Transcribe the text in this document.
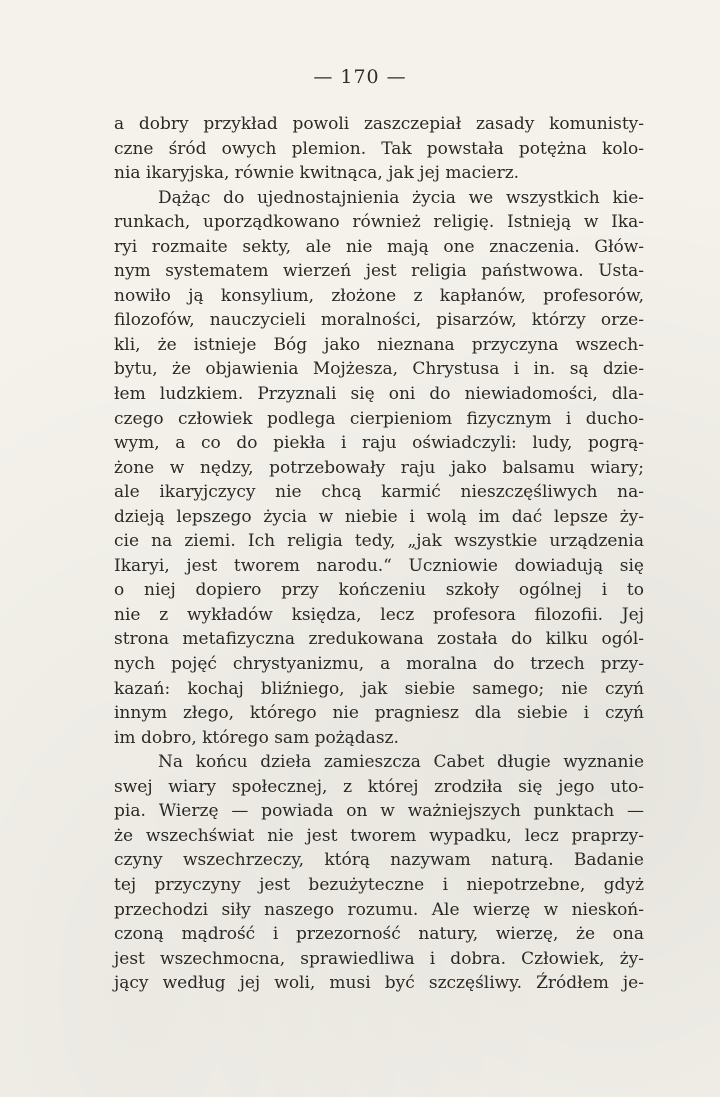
— 170 —
a dobry przykład powoli zaszczepiał zasady komunisty-
czne śród owych plemion. Tak powstała potężna kolo-
nia ikaryjska, równie kwitnąca, jak jej macierz.
Dążąc do ujednostajnienia życia we wszystkich kie-
runkach, uporządkowano również religię. Istnieją w Ika-
ryi rozmaite sekty, ale nie mają one znaczenia. Głów-
nym systematem wierzeń jest religia państwowa. Usta-
nowiło ją konsylium, złożone z kapłanów, profesorów,
filozofów, nauczycieli moralności, pisarzów, którzy orze-
kli, że istnieje Bóg jako nieznana przyczyna wszech-
bytu, że objawienia Mojżesza, Chrystusa i in. są dzie-
łem ludzkiem. Przyznali się oni do niewiadomości, dla-
czego człowiek podlega cierpieniom fizycznym i ducho-
wym, a co do piekła i raju oświadczyli: ludy, pogrą-
żone w nędzy, potrzebowały raju jako balsamu wiary;
ale ikaryjczycy nie chcą karmić nieszczęśliwych na-
dzieją lepszego życia w niebie i wolą im dać lepsze ży-
cie na ziemi. Ich religia tedy, „jak wszystkie urządzenia
Ikaryi, jest tworem narodu.“ Uczniowie dowiadują się
o niej dopiero przy kończeniu szkoły ogólnej i to
nie z wykładów księdza, lecz profesora filozofii. Jej
strona metafizyczna zredukowana została do kilku ogól-
nych pojęć chrystyanizmu, a moralna do trzech przy-
kazań: kochaj bliźniego, jak siebie samego; nie czyń
innym złego, którego nie pragniesz dla siebie i czyń
im dobro, którego sam pożądasz.
Na końcu dzieła zamieszcza Cabet długie wyznanie
swej wiary społecznej, z której zrodziła się jego uto-
pia. Wierzę — powiada on w ważniejszych punktach —
że wszechświat nie jest tworem wypadku, lecz praprzy-
czyny wszechrzeczy, którą nazywam naturą. Badanie
tej przyczyny jest bezużyteczne i niepotrzebne, gdyż
przechodzi siły naszego rozumu. Ale wierzę w nieskoń-
czoną mądrość i przezorność natury, wierzę, że ona
jest wszechmocna, sprawiedliwa i dobra. Człowiek, ży-
jący według jej woli, musi być szczęśliwy. Źródłem je-
